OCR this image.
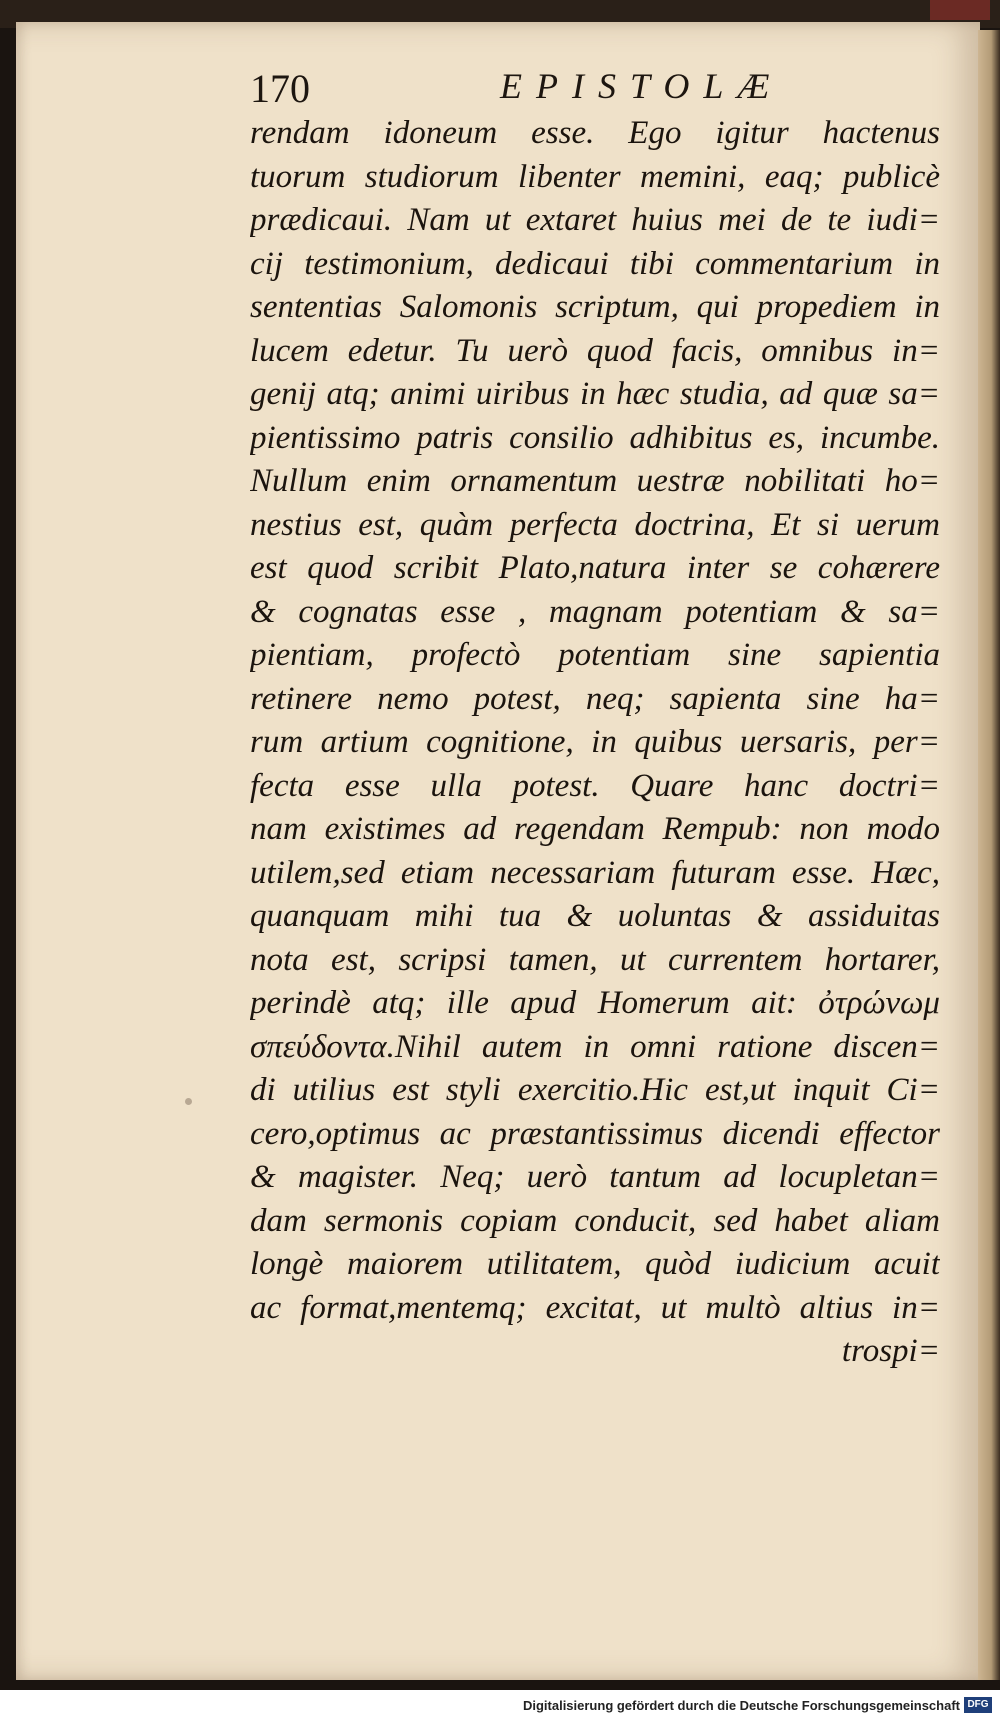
170	EPISTOLÆ
rendam idoneum esse. Ego igitur hactenus
tuorum studiorum libenter memini, eaq; publicè
prædicaui. Nam ut extaret huius mei de te iudi=
cij testimonium, dedicaui tibi commentarium in
sententias Salomonis scriptum, qui propediem in
lucem edetur. Tu uerò quod facis, omnibus in=
genij atq; animi uiribus in hæc studia, ad quæ sa=
pientissimo patris consilio adhibitus es, incumbe.
Nullum enim ornamentum uestræ nobilitati ho=
nestius est, quàm perfecta doctrina, Et si uerum
est quod scribit Plato,natura inter se cohærere
& cognatas esse , magnam potentiam & sa=
pientiam, profectò potentiam sine sapientia
retinere nemo potest, neq; sapienta sine ha=
rum artium cognitione, in quibus uersaris, per=
fecta esse ulla potest. Quare hanc doctri=
nam existimes ad regendam Rempub: non modo
utilem,sed etiam necessariam futuram esse. Hæc,
quanquam mihi tua & uoluntas & assiduitas
nota est, scripsi tamen, ut currentem hortarer,
perindè atq; ille apud Homerum ait: ὀτρώνωμ
σπεύδοντα.Nihil autem in omni ratione discen=
di utilius est styli exercitio.Hic est,ut inquit Ci=
cero,optimus ac præstantissimus dicendi effector
& magister. Neq; uerò tantum ad locupletan=
dam sermonis copiam conducit, sed habet aliam
longè maiorem utilitatem, quòd iudicium acuit
ac format,mentemq; excitat, ut multò altius in=
trospi=
Digitalisierung gefördert durch die Deutsche Forschungsgemeinschaft DFG
